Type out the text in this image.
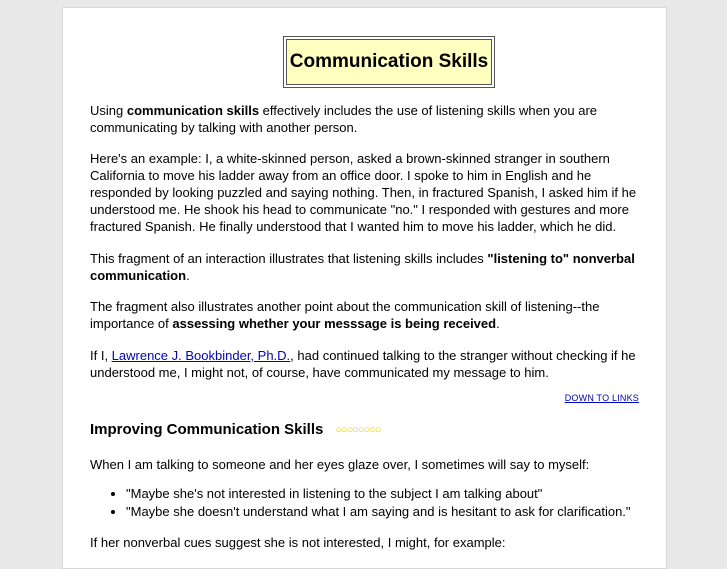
Communication Skills

Using communication skills effectively includes the use of listening skills when you are communicating by talking with another person.

Here's an example: I, a white-skinned person, asked a brown-skinned stranger in southern California to move his ladder away from an office door. I spoke to him in English and he responded by looking puzzled and saying nothing. Then, in fractured Spanish, I asked him if he understood me. He shook his head to communicate "no." I responded with gestures and more fractured Spanish. He finally understood that I wanted him to move his ladder, which he did.

This fragment of an interaction illustrates that listening skills includes "listening to" nonverbal communication.

The fragment also illustrates another point about the communication skill of listening--the importance of assessing whether your messsage is being received.

If I, Lawrence J. Bookbinder, Ph.D., had continued talking to the stranger without checking if he understood me, I might not, of course, have communicated my message to him.

DOWN TO LINKS
Improving Communication Skills ○○○○○○○○

When I am talking to someone and her eyes glaze over, I sometimes will say to myself:

• "Maybe she's not interested in listening to the subject I am talking about"
• "Maybe she doesn't understand what I am saying and is hesitant to ask for clarification."

If her nonverbal cues suggest she is not interested, I might, for example:
